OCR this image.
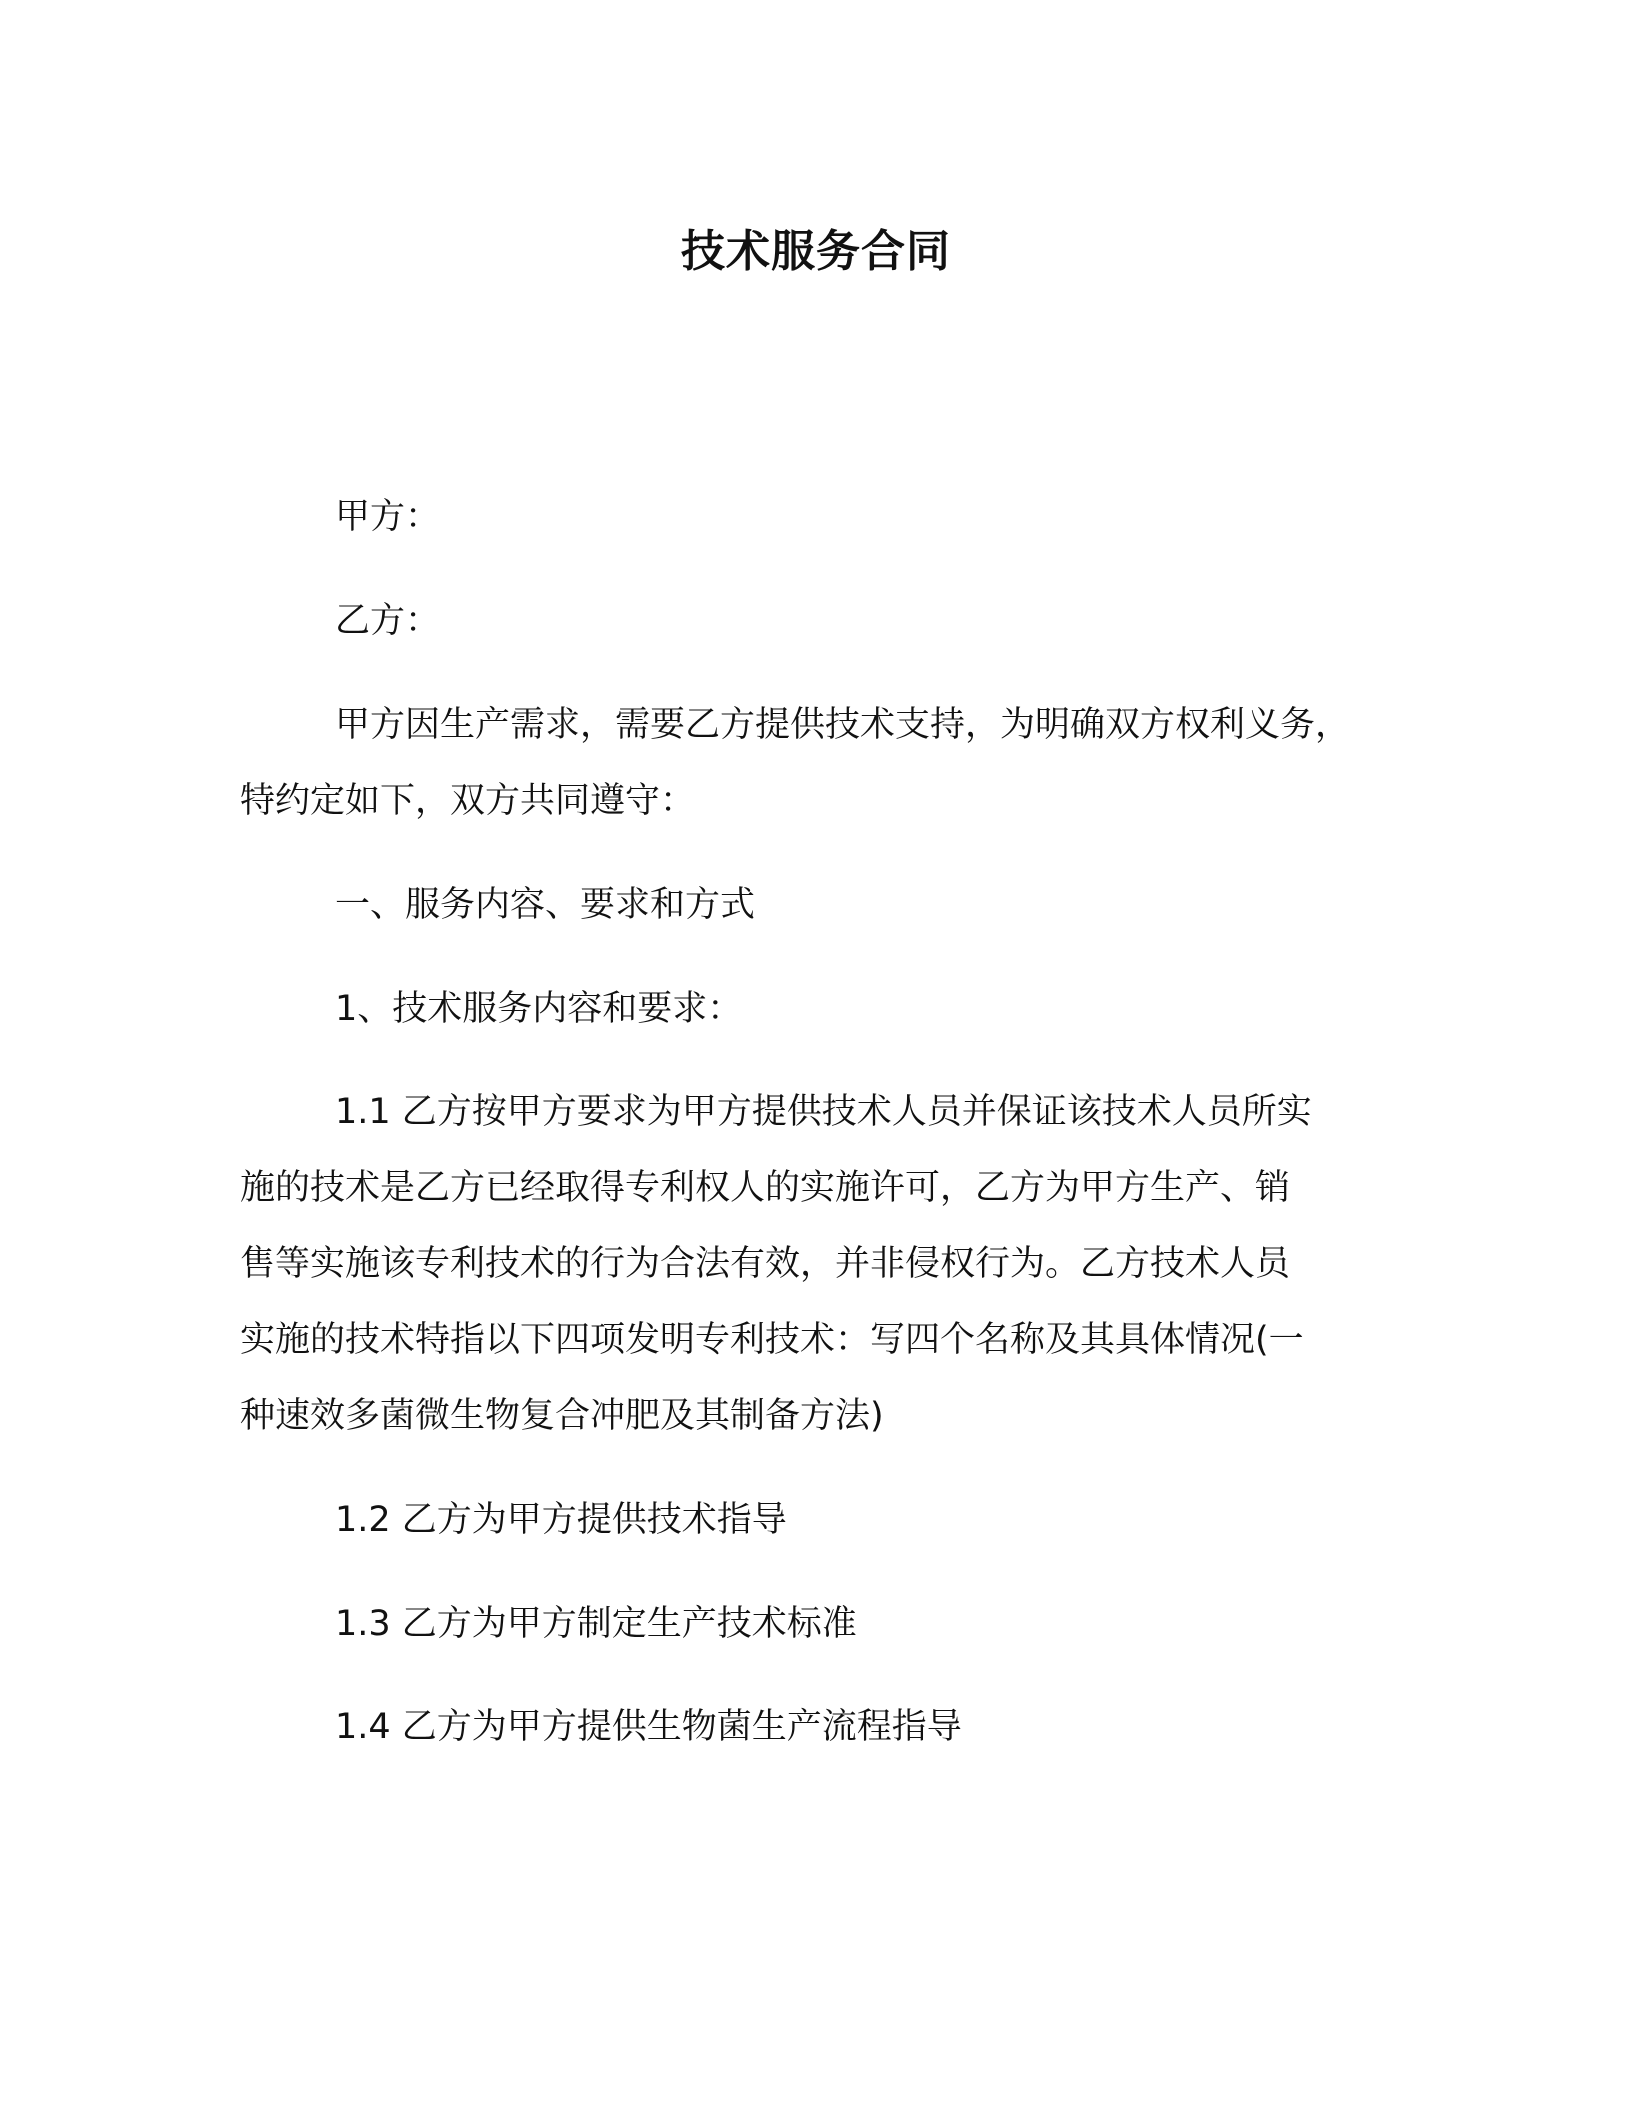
技术服务合同
甲方：
乙方：
甲方因生产需求，需要乙方提供技术支持，为明确双方权利义务，
特约定如下，双方共同遵守：
一、服务内容、要求和方式
1、技术服务内容和要求：
1.1 乙方按甲方要求为甲方提供技术人员并保证该技术人员所实
施的技术是乙方已经取得专利权人的实施许可，乙方为甲方生产、销
售等实施该专利技术的行为合法有效，并非侵权行为。乙方技术人员
实施的技术特指以下四项发明专利技术：写四个名称及其具体情况(一
种速效多菌微生物复合冲肥及其制备方法)
1.2 乙方为甲方提供技术指导
1.3 乙方为甲方制定生产技术标准
1.4 乙方为甲方提供生物菌生产流程指导
